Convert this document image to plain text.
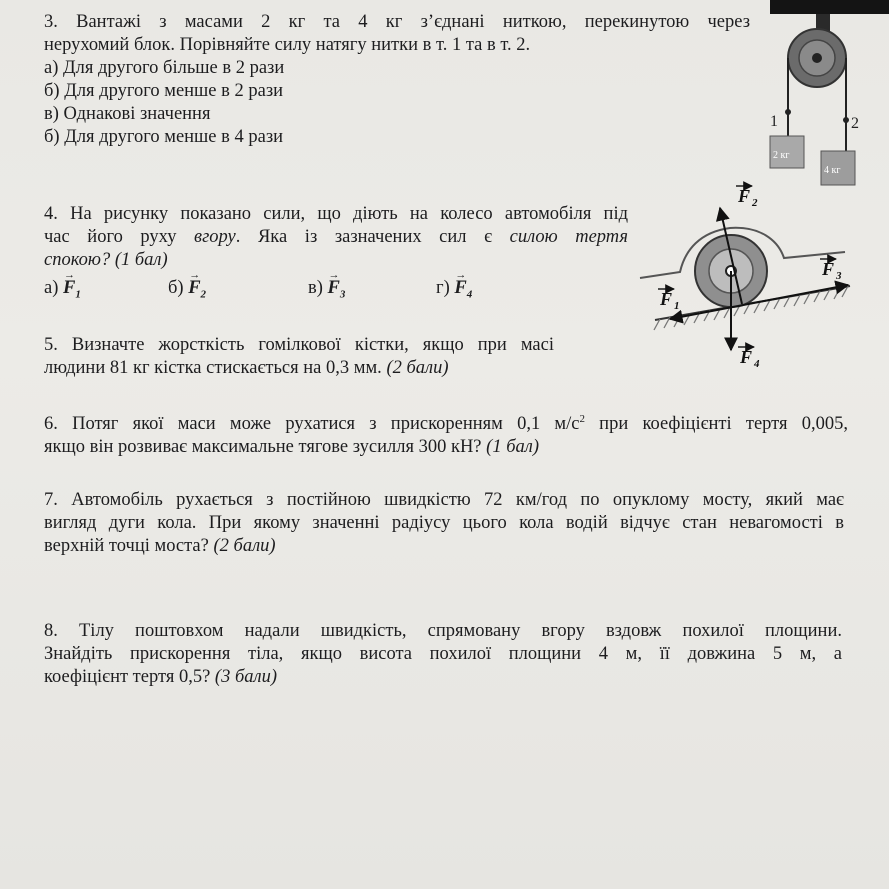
3. Вантажі з масами 2 кг та 4 кг з’єднані ниткою, перекинутою через
нерухомий блок. Порівняйте силу натягу нитки в т. 1 та в т. 2.
а) Для другого більше в 2 рази
б) Для другого менше в 2 рази
в) Однакові значення
б) Для другого менше в 4 рази
1	2
2 кг
4 кг
4. На рисунку показано сили, що діють на колесо автомобіля під
час його руху вгору. Яка із зазначених сил є силою тертя
спокою? (1 бал)
$а) \to F_1$	$б) \to F_2$	$в) \to F_3$	$г) \to F_4$
F 2
F 3
F 1
F 4
5. Визначте жорсткість гомілкової кістки, якщо при масі
людини 81 кг кістка стискається на 0,3 мм. (2 бали)
6. Потяг якої маси може рухатися з прискоренням 0,1 $м/с^2$ при коефіцієнті тертя 0,005,
якщо він розвиває максимальне тягове зусилля 300 кН? (1 бал)
7. Автомобіль рухається з постійною швидкістю 72 км/год по опуклому мосту, який має
вигляд дуги кола. При якому значенні радіусу цього кола водій відчує стан невагомості в
верхній точці моста? (2 бали)
8. Тілу поштовхом надали швидкість, спрямовану вгору вздовж похилої площини.
Знайдіть прискорення тіла, якщо висота похилої площини 4 м, її довжина 5 м, а
коефіцієнт тертя 0,5? (3 бали)
